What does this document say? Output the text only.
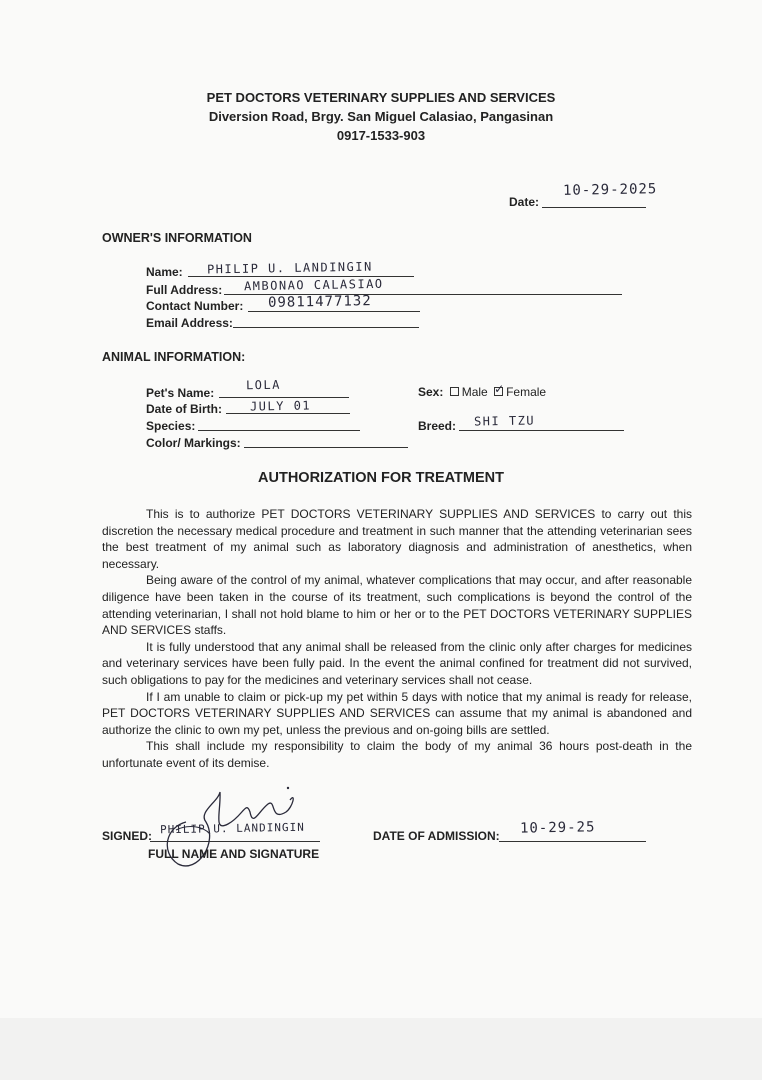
PET DOCTORS VETERINARY SUPPLIES AND SERVICES
Diversion Road, Brgy. San Miguel Calasiao, Pangasinan
0917-1533-903
Date:
10-29-2025
OWNER'S INFORMATION
Name: PHILIP U. LANDINGIN
Full Address: AMBONAO CALASIAO
Contact Number: 09811477132
Email Address:
ANIMAL INFORMATION:
Pet's Name:
LOLA
Date of Birth: JULY 01
Species:
Color/ Markings:
Sex: Male ✓ Female
Breed: SHI TZU
AUTHORIZATION FOR TREATMENT

This is to authorize PET DOCTORS VETERINARY SUPPLIES AND SERVICES to carry out this discretion the necessary medical procedure and treatment in such manner that the attending veterinarian sees the best treatment of my animal such as laboratory diagnosis and administration of anesthetics, when necessary.

Being aware of the control of my animal, whatever complications that may occur, and after reasonable diligence have been taken in the course of its treatment, such complications is beyond the control of the attending veterinarian, I shall not hold blame to him or her or to the PET DOCTORS VETERINARY SUPPLIES AND SERVICES staffs.

It is fully understood that any animal shall be released from the clinic only after charges for medicines and veterinary services have been fully paid. In the event the animal confined for treatment did not survived, such obligations to pay for the medicines and veterinary services shall not cease.

If I am unable to claim or pick-up my pet within 5 days with notice that my animal is ready for release, PET DOCTORS VETERINARY SUPPLIES AND SERVICES can assume that my animal is abandoned and authorize the clinic to own my pet, unless the previous and on-going bills are settled.

This shall include my responsibility to claim the body of my animal 36 hours post-death in the unfortunate event of its demise.

SIGNED: PHILIP U. LANDINGIN
FULL NAME AND SIGNATURE
DATE OF ADMISSION: 10-29-25
